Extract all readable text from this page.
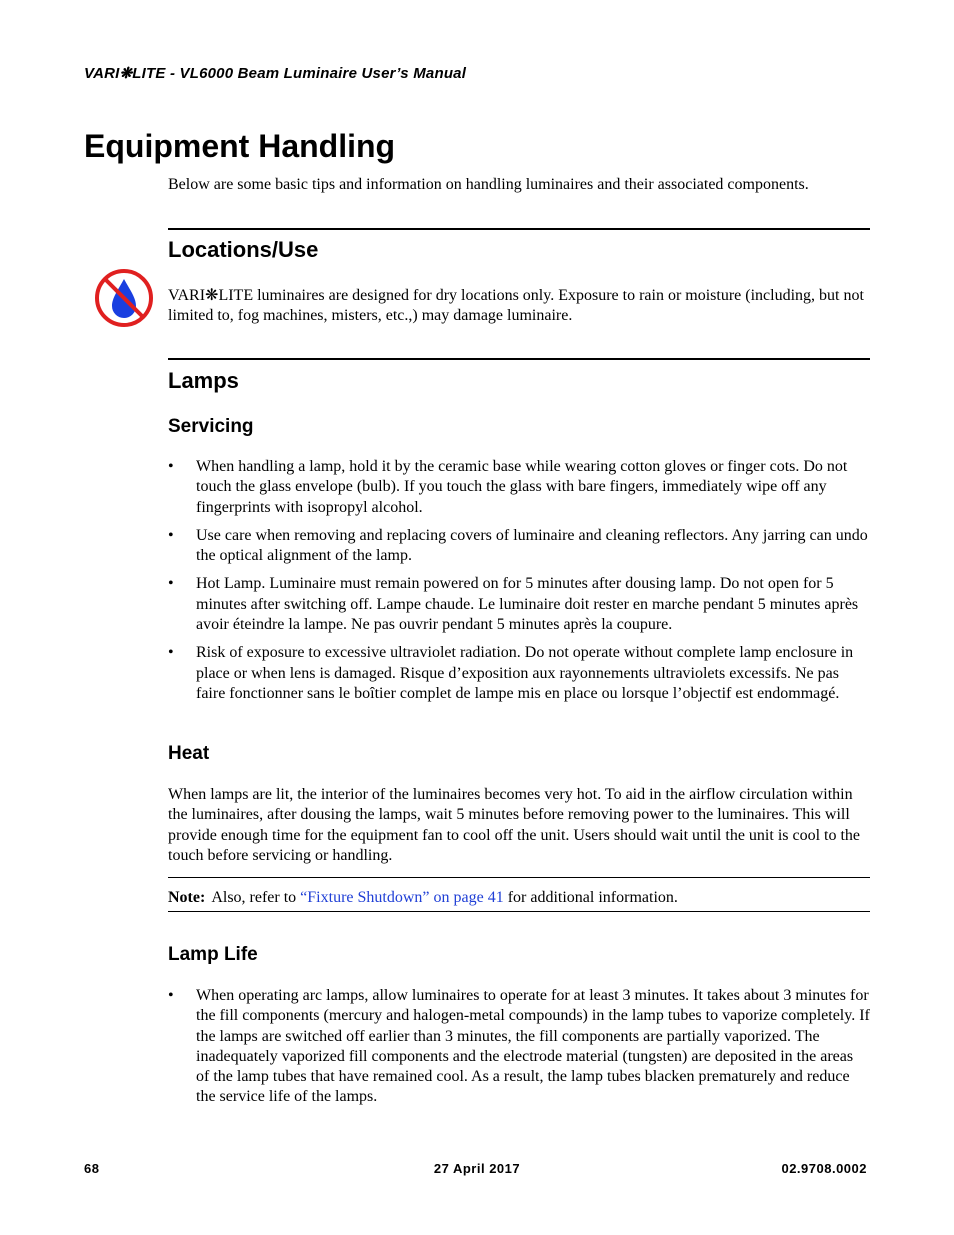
VARI❋LITE - VL6000 Beam Luminaire User’s Manual
Equipment Handling

Below are some basic tips and information on handling luminaires and their associated components.

Locations/Use

VARI❋LITE luminaires are designed for dry locations only. Exposure to rain or moisture (including, but not limited to, fog machines, misters, etc.,) may damage luminaire.

Lamps
Servicing
• When handling a lamp, hold it by the ceramic base while wearing cotton gloves or finger cots. Do not touch the glass envelope (bulb). If you touch the glass with bare fingers, immediately wipe off any fingerprints with isopropyl alcohol.
• Use care when removing and replacing covers of luminaire and cleaning reflectors. Any jarring can undo the optical alignment of the lamp.
• Hot Lamp. Luminaire must remain powered on for 5 minutes after dousing lamp. Do not open for 5 minutes after switching off. Lampe chaude. Le luminaire doit rester en marche pendant 5 minutes après avoir éteindre la lampe. Ne pas ouvrir pendant 5 minutes après la coupure.
• Risk of exposure to excessive ultraviolet radiation. Do not operate without complete lamp enclosure in place or when lens is damaged. Risque d’exposition aux rayonnements ultraviolets excessifs. Ne pas faire fonctionner sans le boîtier complet de lampe mis en place ou lorsque l’objectif est endommagé.
Heat

When lamps are lit, the interior of the luminaires becomes very hot. To aid in the airflow circulation within the luminaires, after dousing the lamps, wait 5 minutes before removing power to the luminaires. This will provide enough time for the equipment fan to cool off the unit. Users should wait until the unit is cool to the touch before servicing or handling.

Note: Also, refer to “Fixture Shutdown” on page 41 for additional information.

Lamp Life
• When operating arc lamps, allow luminaires to operate for at least 3 minutes. It takes about 3 minutes for the fill components (mercury and halogen-metal compounds) in the lamp tubes to vaporize completely. If the lamps are switched off earlier than 3 minutes, the fill components are partially vaporized. The inadequately vaporized fill components and the electrode material (tungsten) are deposited in the areas of the lamp tubes that have remained cool. As a result, the lamp tubes blacken prematurely and reduce the service life of the lamps.
68	27 April 2017	02.9708.0002
